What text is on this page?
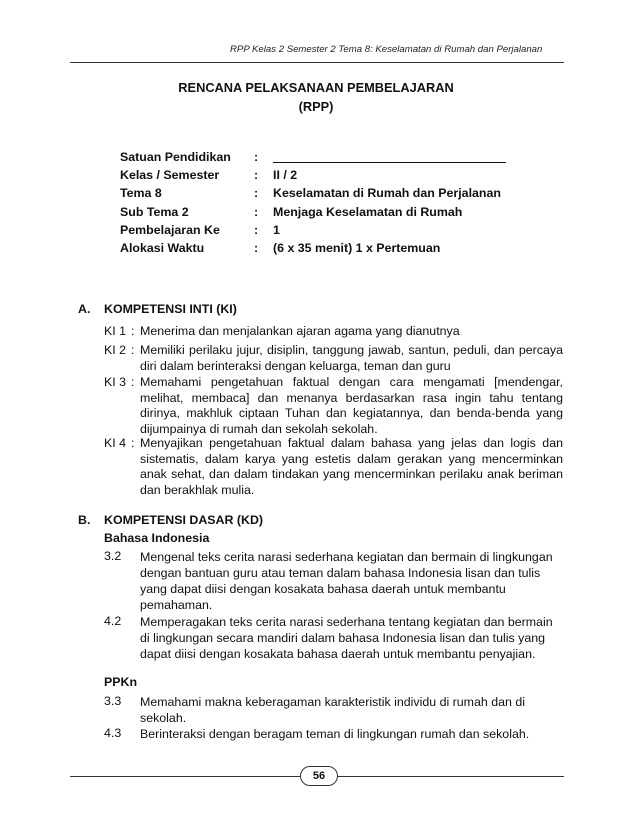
RPP Kelas 2 Semester 2 Tema 8: Keselamatan di Rumah dan Perjalanan
RENCANA PELAKSANAAN PEMBELAJARAN
(RPP)
Satuan Pendidikan :
Kelas / Semester	: II / 2
Tema 8	: Keselamatan di Rumah dan Perjalanan
Sub Tema 2	: Menjaga Keselamatan di Rumah
Pembelajaran Ke	: 1
Alokasi Waktu	: (6 x 35 menit) 1 x Pertemuan
A. KOMPETENSI INTI (KI)
KI 1 : Menerima dan menjalankan ajaran agama yang dianutnya
KI 2 : Memiliki perilaku jujur, disiplin, tanggung jawab, santun, peduli, dan percaya diri dalam berinteraksi dengan keluarga, teman dan guru
KI 3 : Memahami pengetahuan faktual dengan cara mengamati [mendengar, melihat, membaca] dan menanya berdasarkan rasa ingin tahu tentang dirinya, makhluk ciptaan Tuhan dan kegiatannya, dan benda-benda yang dijumpainya di rumah dan sekolah sekolah.
KI 4 : Menyajikan pengetahuan faktual dalam bahasa yang jelas dan logis dan sistematis, dalam karya yang estetis dalam gerakan yang mencerminkan anak sehat, dan dalam tindakan yang mencerminkan perilaku anak beriman dan berakhlak mulia.
B. KOMPETENSI DASAR (KD)
Bahasa Indonesia
3.2 Mengenal teks cerita narasi sederhana kegiatan dan bermain di lingkungan dengan bantuan guru atau teman dalam bahasa Indonesia lisan dan tulis yang dapat diisi dengan kosakata bahasa daerah untuk membantu pemahaman.
4.2 Memperagakan teks cerita narasi sederhana tentang kegiatan dan bermain di lingkungan secara mandiri dalam bahasa Indonesia lisan dan tulis yang dapat diisi dengan kosakata bahasa daerah untuk membantu penyajian.
PPKn
3.3 Memahami makna keberagaman karakteristik individu di rumah dan di sekolah.
4.3 Berinteraksi dengan beragam teman di lingkungan rumah dan sekolah.
56
